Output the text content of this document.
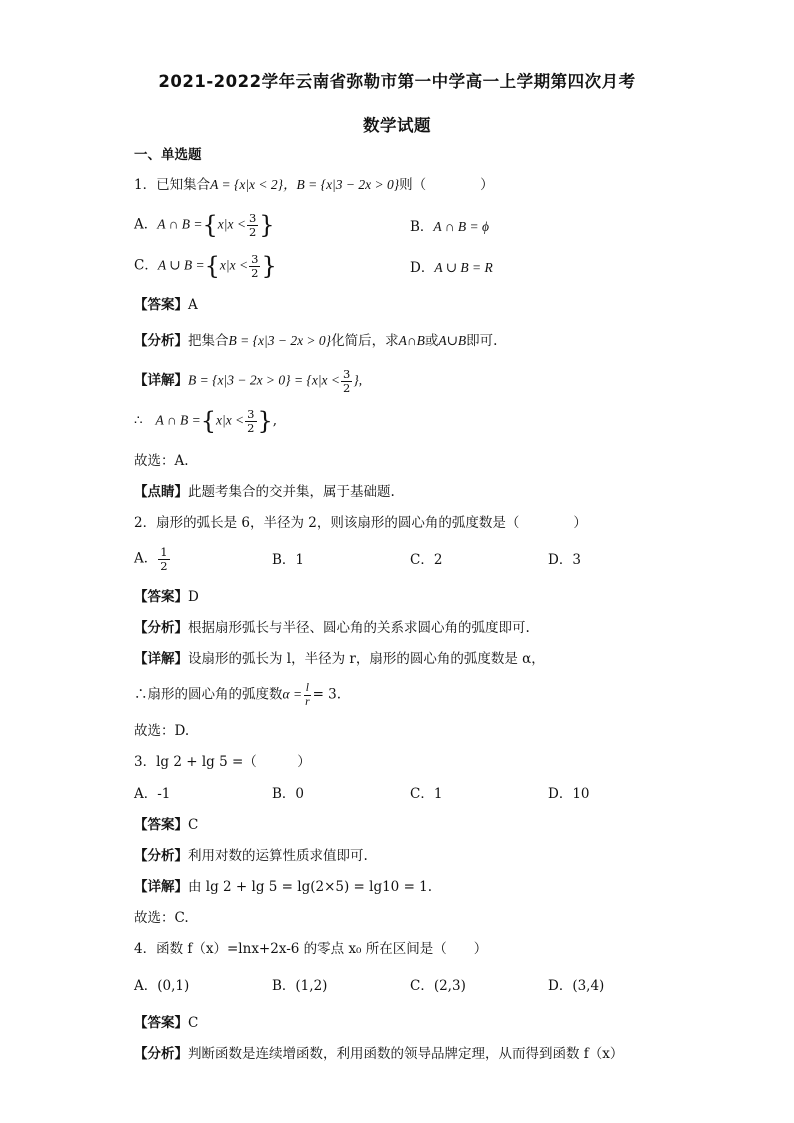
2021-2022学年云南省弥勒市第一中学高一上学期第四次月考
数学试题
一、单选题
1．已知集合A = {x|x < 2}，B = {x|3 − 2x > 0}则（　　　　）
A．A ∩ $B =\{x|x < \frac{3}{2}$ }	B．A ∩ B = ϕ
C．A ∪ $B =\{x|x < \frac{3}{2}$ }	D．A ∪ B = R
【答案】A
【分析】把集合B = {x|3 − 2x > 0}化简后，求A∩B或A∪B即可.
【详解】$B = \{x|3 - 2x > 0\} = \{x|x < \frac{3}{2}$ },
∴ A ∩ $B =\{x|x < \frac{3}{2}$ },
故选：A.
【点睛】此题考集合的交并集，属于基础题.
2．扇形的弧长是 6，半径为 2，则该扇形的圆心角的弧度数是（　　　　）
A． $\frac{1}{2}$	B．1	C．2	D．3
【答案】D
【分析】根据扇形弧长与半径、圆心角的关系求圆心角的弧度即可.
【详解】设扇形的弧长为 l，半径为 r，扇形的圆心角的弧度数是 α，
∴扇形的圆心角的弧度数$\alpha = \frac{l}{r} = 3$.
故选：D.
3．lg 2 + lg 5 =（　　　）
A．-1	B．0	C．1	D．10
【答案】C
【分析】利用对数的运算性质求值即可.
【详解】由 lg 2 + lg 5 = lg(2×5) = lg10 = 1.
故选：C.
4．函数 f（x）=lnx+2x-6 的零点 x₀ 所在区间是（　　）
A．(0,1)	B．(1,2)	C．(2,3)	D．(3,4)
【答案】C
【分析】判断函数是连续增函数，利用函数的领导品牌定理，从而得到函数 f（x）
